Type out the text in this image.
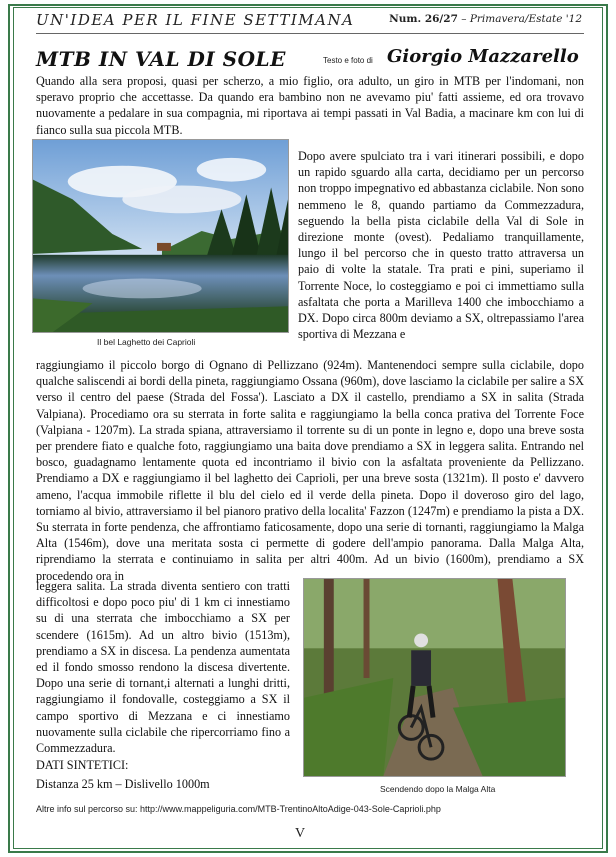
UN'IDEA PER IL FINE SETTIMANA	Num. 26/27 – Primavera/Estate '12
MTB IN VAL DI SOLE	Testo e foto di Giorgio Mazzarello

Quando alla sera proposi, quasi per scherzo, a mio figlio, ora adulto, un giro in MTB per l'indomani, non speravo proprio che accettasse. Da quando era bambino non ne avevamo piu' fatti assieme, ed ora trovavo nuovamente a pedalare in sua compagnia, mi riportava ai tempi passati in Val Badia, a macinare km con lui di fianco sulla sua piccola MTB.

Il bel Laghetto dei Caprioli

Dopo avere spulciato tra i vari itinerari possibili, e dopo un rapido sguardo alla carta, decidiamo per un percorso non troppo impegnativo ed abbastanza ciclabile. Non sono nemmeno le 8, quando partiamo da Commezzadura, seguendo la bella pista ciclabile della Val di Sole in direzione monte (ovest). Pedaliamo tranquillamente, lungo il bel percorso che in questo tratto attraversa un paio di volte la statale. Tra prati e pini, superiamo il Torrente Noce, lo costeggiamo e poi ci immettiamo sulla asfaltata che porta a Marilleva 1400 che imbocchiamo a DX. Dopo circa 800m deviamo a SX, oltrepassiamo l'area sportiva di Mezzana e

raggiungiamo il piccolo borgo di Ognano di Pellizzano (924m). Mantenendoci sempre sulla ciclabile, dopo qualche saliscendi ai bordi della pineta, raggiungiamo Ossana (960m), dove lasciamo la ciclabile per salire a SX verso il centro del paese (Strada del Fossa'). Lasciato a DX il castello, prendiamo a SX in salita (Strada Valpiana). Procediamo ora su sterrata in forte salita e raggiungiamo la bella conca prativa del Torrente Foce (Valpiana - 1207m). La strada spiana, attraversiamo il torrente su di un ponte in legno e, dopo una breve sosta per prendere fiato e qualche foto, raggiungiamo una baita dove prendiamo a SX in leggera salita. Entrando nel bosco, guadagnamo lentamente quota ed incontriamo il bivio con la asfaltata proveniente da Pellizzano. Prendiamo a DX e raggiungiamo il bel laghetto dei Caprioli, per una breve sosta (1321m). Il posto e' davvero ameno, l'acqua immobile riflette il blu del cielo ed il verde della pineta. Dopo il doveroso giro del lago, torniamo al bivio, attraversiamo il bel pianoro prativo della localita' Fazzon (1247m) e prendiamo la pista a DX. Su sterrata in forte pendenza, che affrontiamo faticosamente, dopo una serie di tornanti, raggiungiamo la Malga Alta (1546m), dove una meritata sosta ci permette di godere dell'ampio panorama. Dalla Malga Alta, riprendiamo la sterrata e continuiamo in salita per altri 400m. Ad un bivio (1600m), prendiamo a SX procedendo ora in

leggera salita. La strada diventa sentiero con tratti difficoltosi e dopo poco piu' di 1 km ci innestiamo su di una sterrata che imbocchiamo a SX per scendere (1615m). Ad un altro bivio (1513m), prendiamo a SX in discesa. La pendenza aumentata ed il fondo smosso rendono la discesa divertente. Dopo una serie di tornant,i alternati a lunghi dritti, raggiungiamo il fondovalle, costeggiamo a SX il campo sportivo di Mezzana e ci innestiamo nuovamente sulla ciclabile che ripercorriamo fino a Commezzadura.

Scendendo dopo la Malga Alta
DATI SINTETICI:
Distanza 25 km – Dislivello 1000m
Altre info sul percorso su: http://www.mappeliguria.com/MTB-TrentinoAltoAdige-043-Sole-Caprioli.php
V
